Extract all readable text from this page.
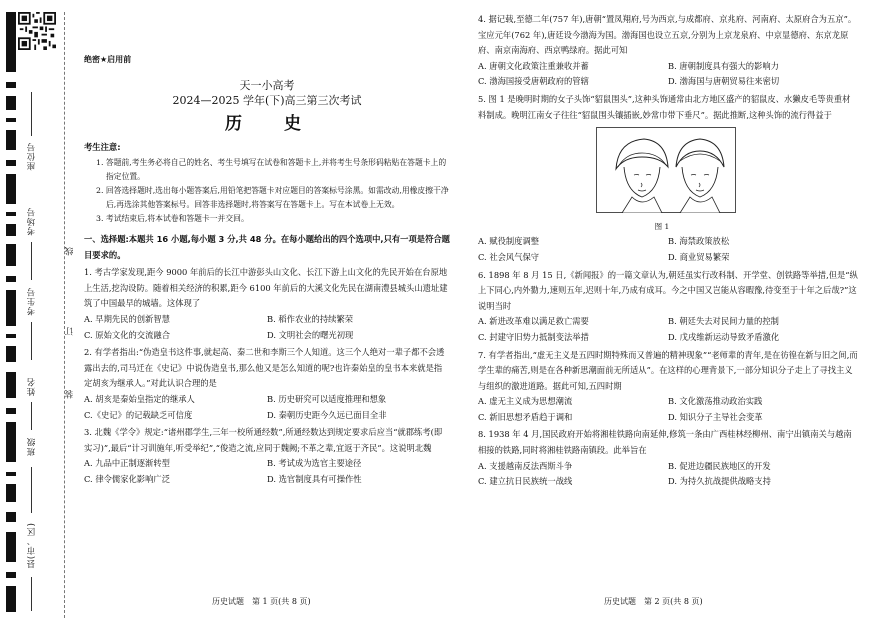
座位号
考场号
考生号
姓名
班级
县(市、区)
线
订
装
绝密★启用前
天一小高考
2024—2025 学年(下)高三第三次考试
历 史
考生注意:

1. 答题前,考生务必将自己的姓名、考生号填写在试卷和答题卡上,并将考生号条形码粘贴在答题卡上的指定位置。

2. 回答选择题时,选出每小题答案后,用铅笔把答题卡对应题目的答案标号涂黑。如需改动,用橡皮擦干净后,再选涂其他答案标号。回答非选择题时,将答案写在答题卡上。写在本试卷上无效。

3. 考试结束后,将本试卷和答题卡一并交回。

一、选择题:本题共 16 小题,每小题 3 分,共 48 分。在每小题给出的四个选项中,只有一项是符合题目要求的。

1. 考古学家发现,距今 9000 年前后的长江中游彭头山文化、长江下游上山文化的先民开始在台原地上生活,挖沟设防。随着相关经济的积累,距今 6100 年前后的大溪文化先民在湖南澧县城头山遗址建筑了中国最早的城墙。这体现了

A. 早期先民的创新智慧	B. 稻作农业的持续繁荣
C. 原始文化的交流融合	D. 文明社会的曙光初现

2. 有学者指出:“伪造皇书这件事,就起高、秦二世和李斯三个人知道。这三个人绝对一辈子都不会透露出去的,司马迁在《史记》中说伪造皇书,那么他又是怎么知道的呢?也许秦始皇的皇书本来就是指定胡亥为继承人。”对此认识合理的是

A. 胡亥是秦始皇指定的继承人	B. 历史研究可以适度推理和想象
C.《史记》的记载缺乏可信度	D. 秦朝历史距今久远已面目全非

3. 北魏《学令》规定:“诸州郡学生,三年一校所通经数”,所通经数达到规定要求后应当“就郡练考(即实习)”,最后“计习训施年,听受举纪”,“俊造之流,应同于魏阙;不革之辈,宜返于齐民”。这说明北魏

A. 九品中正制逐渐转型	B. 考试成为选官主要途径
C. 律令儒家化影响广泛	D. 选官制度具有可操作性

4. 据记载,至德二年(757 年),唐朝“置凤翔府,号为西京,与成都府、京兆府、河南府、太原府合为五京”。宝应元年(762 年),唐廷设今渤海为国。渤海国也设立五京,分别为上京龙泉府、中京显德府、东京龙原府、南京南海府、西京鸭绿府。据此可知

A. 唐朝文化政策注重兼收并蓄	B. 唐朝制度具有强大的影响力
C. 渤海国接受唐朝政府的管辖	D. 渤海国与唐朝贸易往来密切

5. 图 1 是晚明时期的女子头饰“貂鼠围头”,这种头饰通常由北方地区盛产的貂鼠皮、水獭皮毛等贵重材料制成。晚明江南女子往往“貂鼠围头镶插嵌,妙常巾带下垂尺”。据此推断,这种头饰的流行得益于

图 1
A. 赋役制度调整	B. 海禁政策放松
C. 社会风气保守	D. 商业贸易繁荣

6. 1898 年 8 月 15 日,《新闻报》的一篇文章认为,朝廷虽实行改科制、开学堂、创铁路等举措,但是“纵上下同心,内外勠力,速则五年,迟则十年,乃成有成耳。今之中国又岂能从容暇豫,待变至于十年之后哉?”这说明当时

A. 新进改革难以满足救亡需要	B. 朝廷失去对民间力量的控制
C. 封建守旧势力抵制变法举措	D. 戊戌维新运动导致矛盾激化

7. 有学者指出,“虚无主义是五四时期特殊而又普遍的精神现象”“老师辈的青年,是在彷徨在新与旧之间,而学生辈的痛苦,则是在各种新思潮面前无所适从”。在这样的心理背景下,一部分知识分子走上了寻找主义与组织的激进道路。据此可知,五四时期

A. 虚无主义成为思想潮流	B. 文化激荡推动政治实践
C. 新旧思想矛盾趋于调和	D. 知识分子主导社会变革

8. 1938 年 4 月,国民政府开始将湘桂铁路向南延伸,修筑一条由广西桂林经柳州、南宁出镇南关与越南相接的铁路,同时将湘桂铁路南镇段。此举旨在

A. 支援越南反法西斯斗争	B. 促进边疆民族地区的开发
C. 建立抗日民族统一战线	D. 为持久抗战提供战略支持
历史试题　第 1 页(共 8 页)	历史试题　第 2 页(共 8 页)
